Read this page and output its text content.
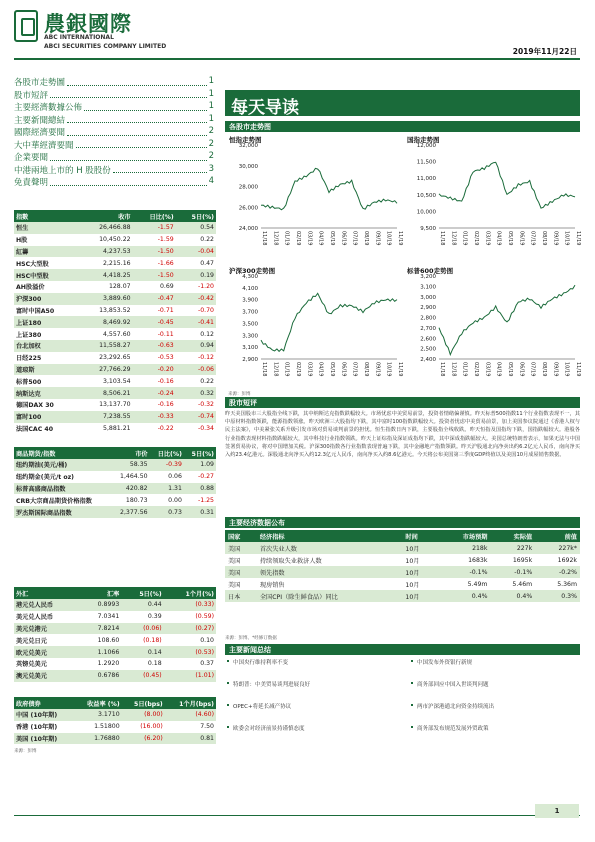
農銀國際
ABC INTERNATIONAL
ABCI SECURITIES COMPANY LIMITED
2019年11月22日
各股市走勢圖	1
股市短評	1
主要經濟數據公佈	1
主要新聞總結	1
國際經濟要聞	2
大中華經濟要聞	2
企業要聞	2
中港兩地上市的 H 股股份	3
免責聲明	4
指數	收市	日比(%)	5日(%)
恒生	26,466.88	-1.57	0.54
H股	10,450.22	-1.59	0.22
紅籌	4,237.53	-1.50	-0.04
HSC大型股	2,215.16	-1.66	0.47
HSC中型股	4,418.25	-1.50	0.19
AH股溢价	128.07	0.69	-1.20
沪深300	3,889.60	-0.47	-0.42
富时中国A50	13,853.52	-0.71	-0.70
上证180	8,469.92	-0.45	-0.41
上证380	4,557.60	-0.11	0.12
台北加权	11,558.27	-0.63	0.94
日经225	23,292.65	-0.53	-0.12
道琼斯	27,766.29	-0.20	-0.06
标普500	3,103.54	-0.16	0.22
纳斯达克	8,506.21	-0.24	0.32
德国DAX 30	13,137.70	-0.16	-0.32
富时100	7,238.55	-0.33	-0.74
法国CAC 40	5,881.21	-0.22	-0.34
商品期货/指数	市价	日比(%)	5日(%)
纽约期油(美元/桶)	58.35	-0.39	1.09
纽约期金(美元/t oz)	1,464.50	0.06	-0.27
标普高盛商品指数	420.82	1.31	0.88
CRB大宗商品期货价格指数	180.73	0.00	-1.25
罗杰斯国际商品指数	2,377.56	0.73	0.31
外汇	汇率	5日(%)	1个月(%)
港元兑人民币	0.8993	0.44	(0.33)
美元兑人民币	7.0341	0.39	(0.59)
美元兑港元	7.8214	(0.06)	(0.27)
美元兑日元	108.60	(0.18)	0.10
欧元兑美元	1.1066	0.14	(0.53)
英镑兑美元	1.2920	0.18	0.37
澳元兑美元	0.6786	(0.45)	(1.01)
政府债券	收益率 (%)	5日(bps)	1个月(bps)
中国 (10年期)	3.1710	(8.00)	(4.60)
香港 (10年期)	1.51800	(16.00)	7.50
美国 (10年期)	1.76880	(6.20)	0.81
来源：彭博
每天导读
各股市走势图
恒指走势图
32,000
30,000
28,000
26,000
24,000
11/18 12/18 01/19 02/19 03/19 04/19 05/19 06/19 07/19 08/19 09/19 10/19 11/19
国指走势图
12,000
11,500
11,000
10,500
10,000
9,500
11/18 12/18 01/19 02/19 03/19 04/19 05/19 06/19 07/19 08/19 09/19 10/19 11/19
沪深300走势图
4,300
4,100
3,900
3,700
3,500
3,300
3,100
2,900
11/18 12/18 01/19 02/19 03/19 04/19 05/19 06/19 07/19 08/19 09/19 10/19 11/19
标普600走势图
3,200
3,100
3,000
2,900
2,800
2,700
2,600
2,500
2,400
11/18 12/18 01/19 02/19 03/19 04/19 05/19 06/19 07/19 08/19 09/19 10/19 11/19
来源：彭博
股市短评
昨天美国股市三大股指全线下跌，其中纳斯达克指数跌幅较大。市场忧虑中美贸易前景，投资者情绪偏谨慎。昨天标普500指数11个行业指数表现不一，其中原材料指数领跌，能源指数领涨。昨天欧洲三大股指均下跌，其中富时100指数跌幅较大。投资者忧虑中美贸易前景，加上美国参议院通过《香港人权与民主法案》，中美紧张关系升级引发市场对贸易谈判前景的担忧。恒生指数日内下跌，主要股指全线收跌。昨天恒指及国指均下跌，国指跌幅较大。港股各行业指数表现材料指数跌幅较大，其中科技行业指数领跌。昨天上证综指及深证成指均下跌，其中深成指跌幅较大。美国总统特朗普表示，如果无法与中国签署贸易协议，将对中国增加关税。沪深300指数各行业指数表现普遍下跌，其中金融地产指数领跌。昨天沪股通北向净卖出约6.2亿元人民币，南向净买入约23.4亿港元。深股通北向净买入约12.3亿元人民币，南向净买入约8.6亿港元。今天将公布美国第三季度GDP终值以及美国10月成屋销售数据。
主要经济数据公布
国家	经济指标	时间	市场预期	实际值	前值
美国	首次失业人数	10月	218k	227k	227k*
美国	持续领取失业救济人数	10月	1683k	1695k	1692k
美国	领先指数	10月	-0.1%	-0.1%	-0.2%
美国	现房销售	10月	5.49m	5.46m	5.36m
日本	全国CPI（除生鲜食品）同比	10月	0.4%	0.4%	0.3%
来源：彭博、*经修订数据
主要新闻总结
中国央行维持利率不变	中国发布外资银行新规
特朗普：中美贸易谈判进展良好	商务部回应中国入世谈判问题
OPEC+将延长减产协议	两市沪深港通北向资金持续流出
欧委会对经济前景持谨慎态度	商务部发布规范发展外贸政策
1
